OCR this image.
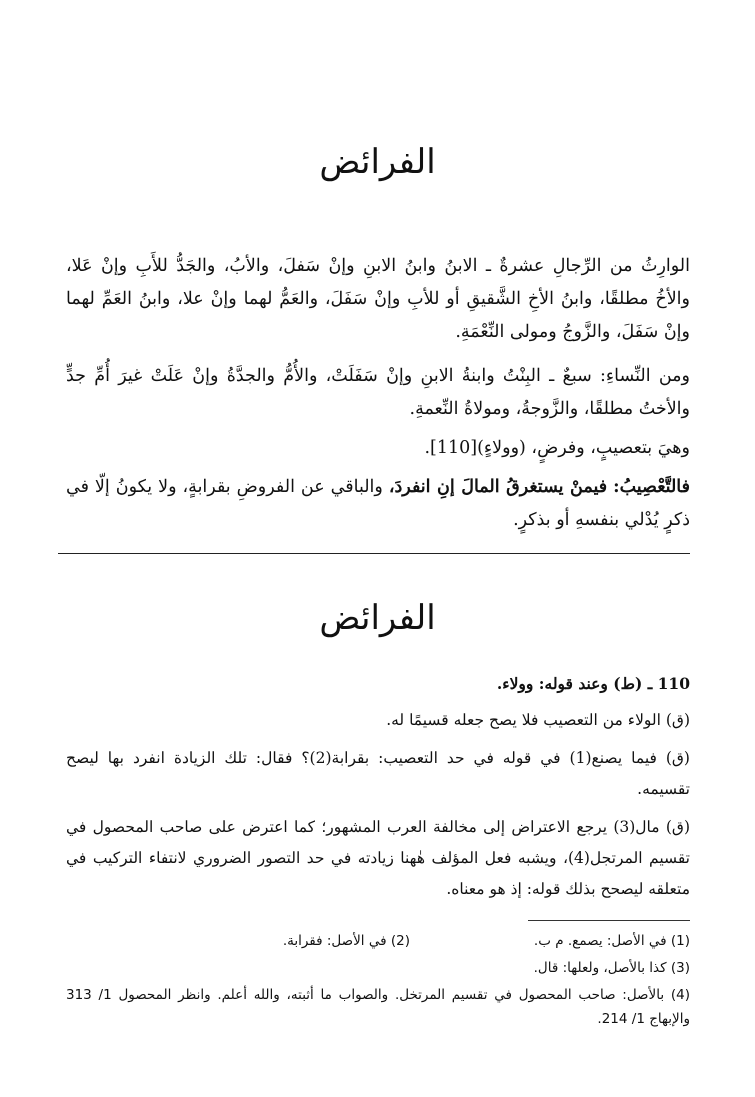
الفرائض

الوارِثُ من الرِّجالِ عشرةٌ ـ الابنُ وابنُ الابنِ وإنْ سَفلَ، والأبُ، والجَدُّ للأَبِ وإنْ عَلا، والأخُ مطلقًا، وابنُ الأخِ الشَّقيقِ أو للأبِ وإنْ سَفَلَ، والعَمُّ لهما وإنْ علا، وابنُ العَمِّ لهما وإنْ سَفَلَ، والزَّوجُ ومولى النِّعْمَةِ.

ومن النِّساءِ: سبعٌ ـ البِنْتُ وابنةُ الابنِ وإنْ سَفَلَتْ، والأُمُّ والجدَّةُ وإنْ عَلَتْ غيرَ أُمِّ جدٍّ والأختُ مطلقًا، والزَّوجةُ، ومولاةُ النِّعمةِ.

وهيَ بتعصيبٍ، وفرضٍ، (وولاءٍ)[110].

فالتَّعْصِيبُ: فيمنْ يستغرقُ المالَ إنِ انفردَ، والباقي عن الفروضِ بقرابةٍ، ولا يكونُ إلّا في ذكرٍ يُدْلي بنفسهِ أو بذكرٍ.

الفرائض

110 ـ (ط) وعند قوله: وولاء.

(ق) الولاء من التعصيب فلا يصح جعله قسيمًا له.

(ق) فيما يصنع(1) في قوله في حد التعصيب: بقرابة(2)؟ فقال: تلك الزيادة انفرد بها ليصح تقسيمه.

(ق) مال(3) يرجع الاعتراض إلى مخالفة العرب المشهور؛ كما اعترض على صاحب المحصول في تقسيم المرتجل(4)، ويشبه فعل المؤلف هٰهنا زيادته في حد التصور الضروري لانتفاء التركيب في متعلقه ليصحح بذلك قوله: إذ هو معناه.

(1) في الأصل: يصمع. م ب.

(2) في الأصل: فقرابة.

(3) كذا بالأصل، ولعلها: قال.

(4) بالأصل: صاحب المحصول في تقسيم المرتخل. والصواب ما أثبته، والله أعلم. وانظر المحصول 1/ 313 والإبهاج 1/ 214.
